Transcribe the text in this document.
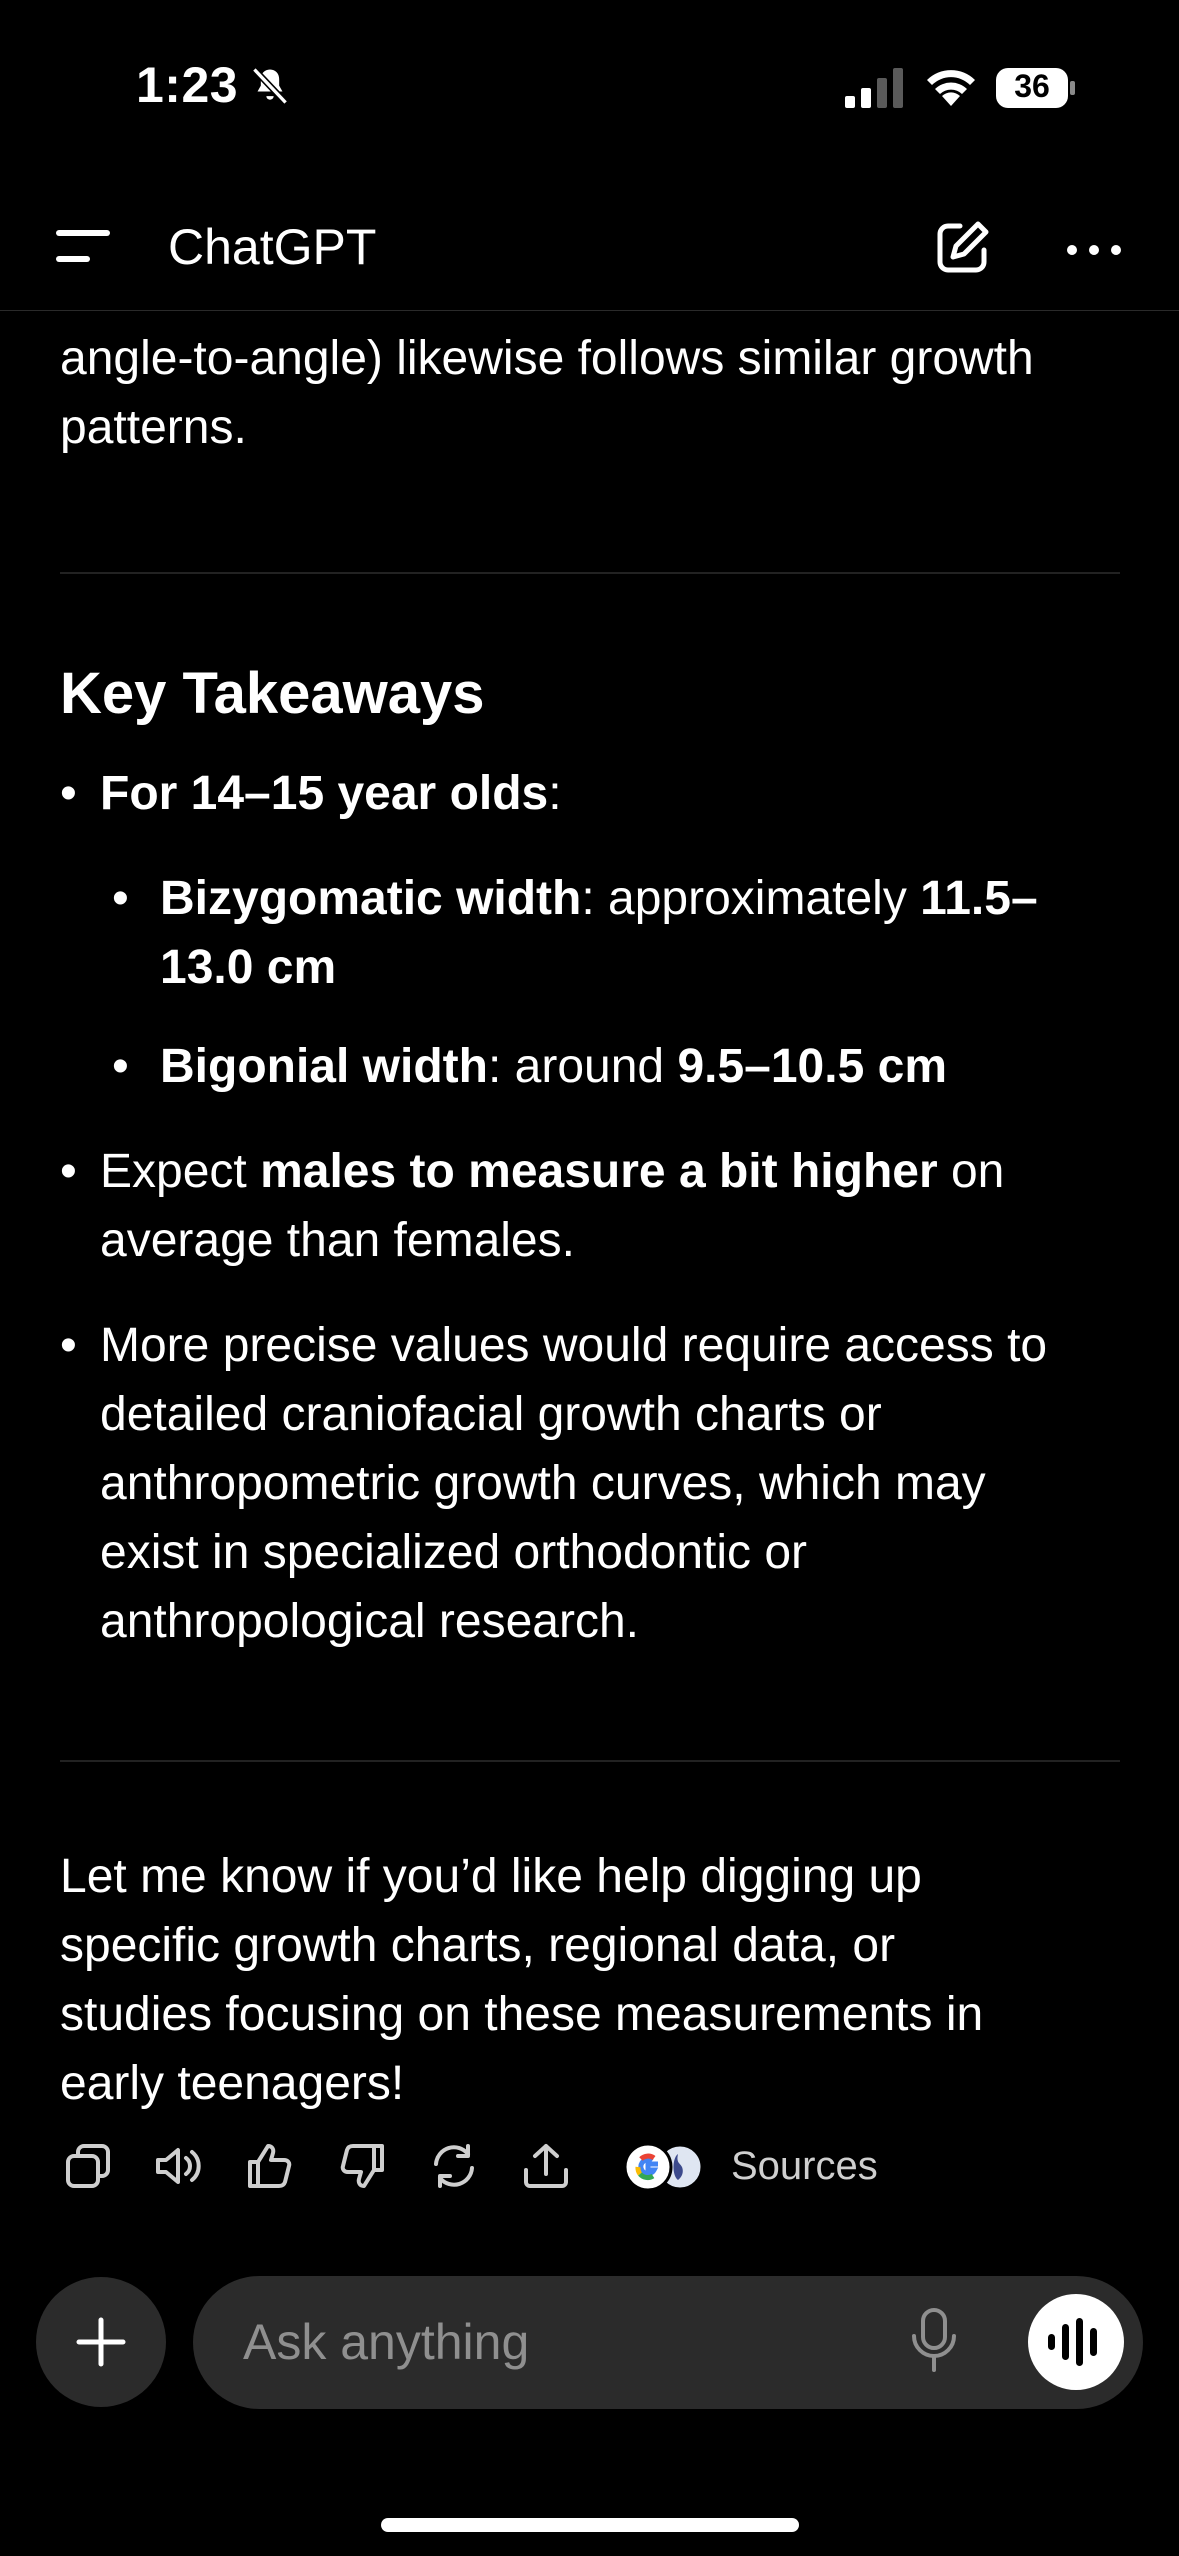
1:23	36
ChatGPT

angle-to-angle) likewise follows similar growth

patterns.

Key Takeaways
• For 14–15 year olds:
• Bizygomatic width: approximately 11.5–
13.0 cm
• Bigonial width: around 9.5–10.5 cm
• Expect males to measure a bit higher on
average than females.
• More precise values would require access to
detailed craniofacial growth charts or
anthropometric growth curves, which may
exist in specialized orthodontic or
anthropological research.

Let me know if you’d like help digging up

specific growth charts, regional data, or

studies focusing on these measurements in

early teenagers!

Sources
Ask anything
